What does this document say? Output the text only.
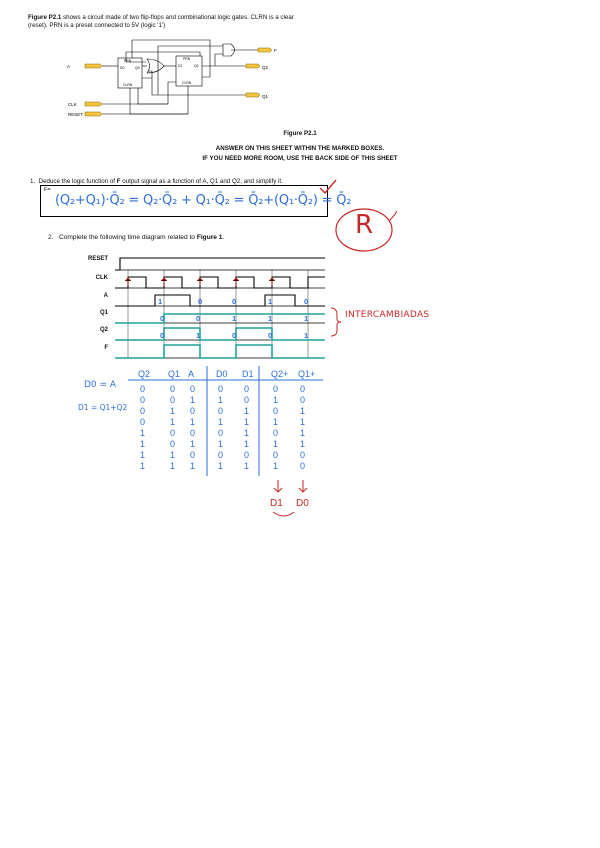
Figure P2.1 shows a circuit made of two flip-flops and combinational logic gates. CLRN is a clear
(reset). PRN is a preset connected to 5V (logic '1')
A
CLK
RESET
F
Q2
Q1
PRN
D0	Q0
CLRN
PRN
D1	Q1
CLRN
Figure P2.1
ANSWER ON THIS SHEET WITHIN THE MARKED BOXES.
IF YOU NEED MORE ROOM, USE THE BACK SIDE OF THIS SHEET
1. Deduce the logic function of F output signal as a function of A, Q1 and Q2, and simplify it.
F=
(Q₂+Q₁)·Q̄₂ = Q₂·Q̄₂ + Q₁·Q̄₂ = Q̄₂+(Q₁·Q̄₂) = Q̄₂
R
2. Complete the following time diagram related to Figure 1.
RESET
CLK
A
Q1
Q2
F
1	0	0	1	0
0	0	1	1	1
0	1	0	0	1
INTERCAMBIADAS
D0 = A
D1 = Q1+Q2
Q2 Q1 A D0 D1 Q2+ Q1+
0	0 0	0 0	0 0
0	0 1	1 0	1 0
0	1 0	0 1	0 1
0	1 1	1 1	1 1
1	0 0	0 1	0 1
1	0 1	1 1	1 1
1	1 0	0 0	0 0
1	1 1	1 1	1 0
D1 D0
